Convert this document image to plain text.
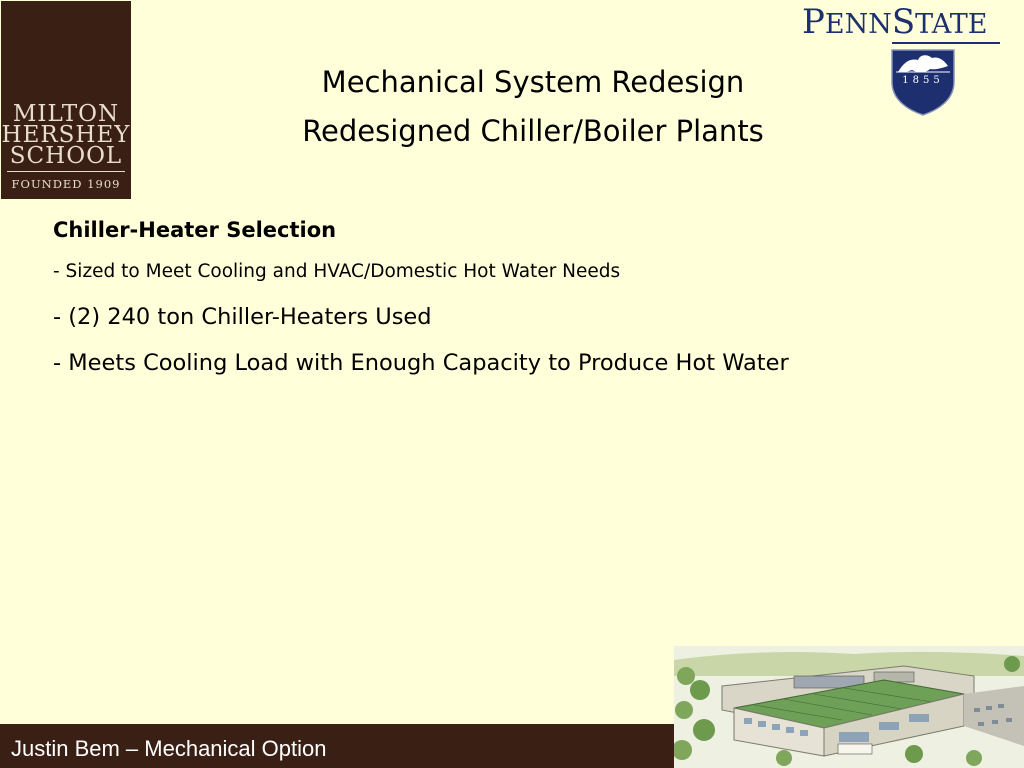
MILTON
HERSHEY
SCHOOL
FOUNDED 1909
PENNSTATE
1855
Mechanical System Redesign
Redesigned Chiller/Boiler Plants
Chiller-Heater Selection
- Sized to Meet Cooling and HVAC/Domestic Hot Water Needs
- (2) 240 ton Chiller-Heaters Used
- Meets Cooling Load with Enough Capacity to Produce Hot Water
Justin Bem – Mechanical Option
